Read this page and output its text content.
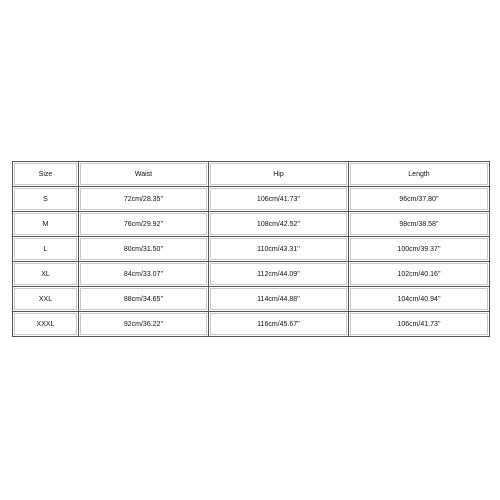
Size	Waist	Hip	Length
S	72cm/28.35''	106cm/41.73''	96cm/37.80''
M	76cm/29.92''	108cm/42.52''	98cm/38.58''
L	80cm/31.50''	110cm/43.31''	100cm/39.37''
XL	84cm/33.07''	112cm/44.09''	102cm/40.16''
XXL	88cm/34.65''	114cm/44.88''	104cm/40.94''
XXXL	92cm/36.22''	116cm/45.67''	106cm/41.73''
